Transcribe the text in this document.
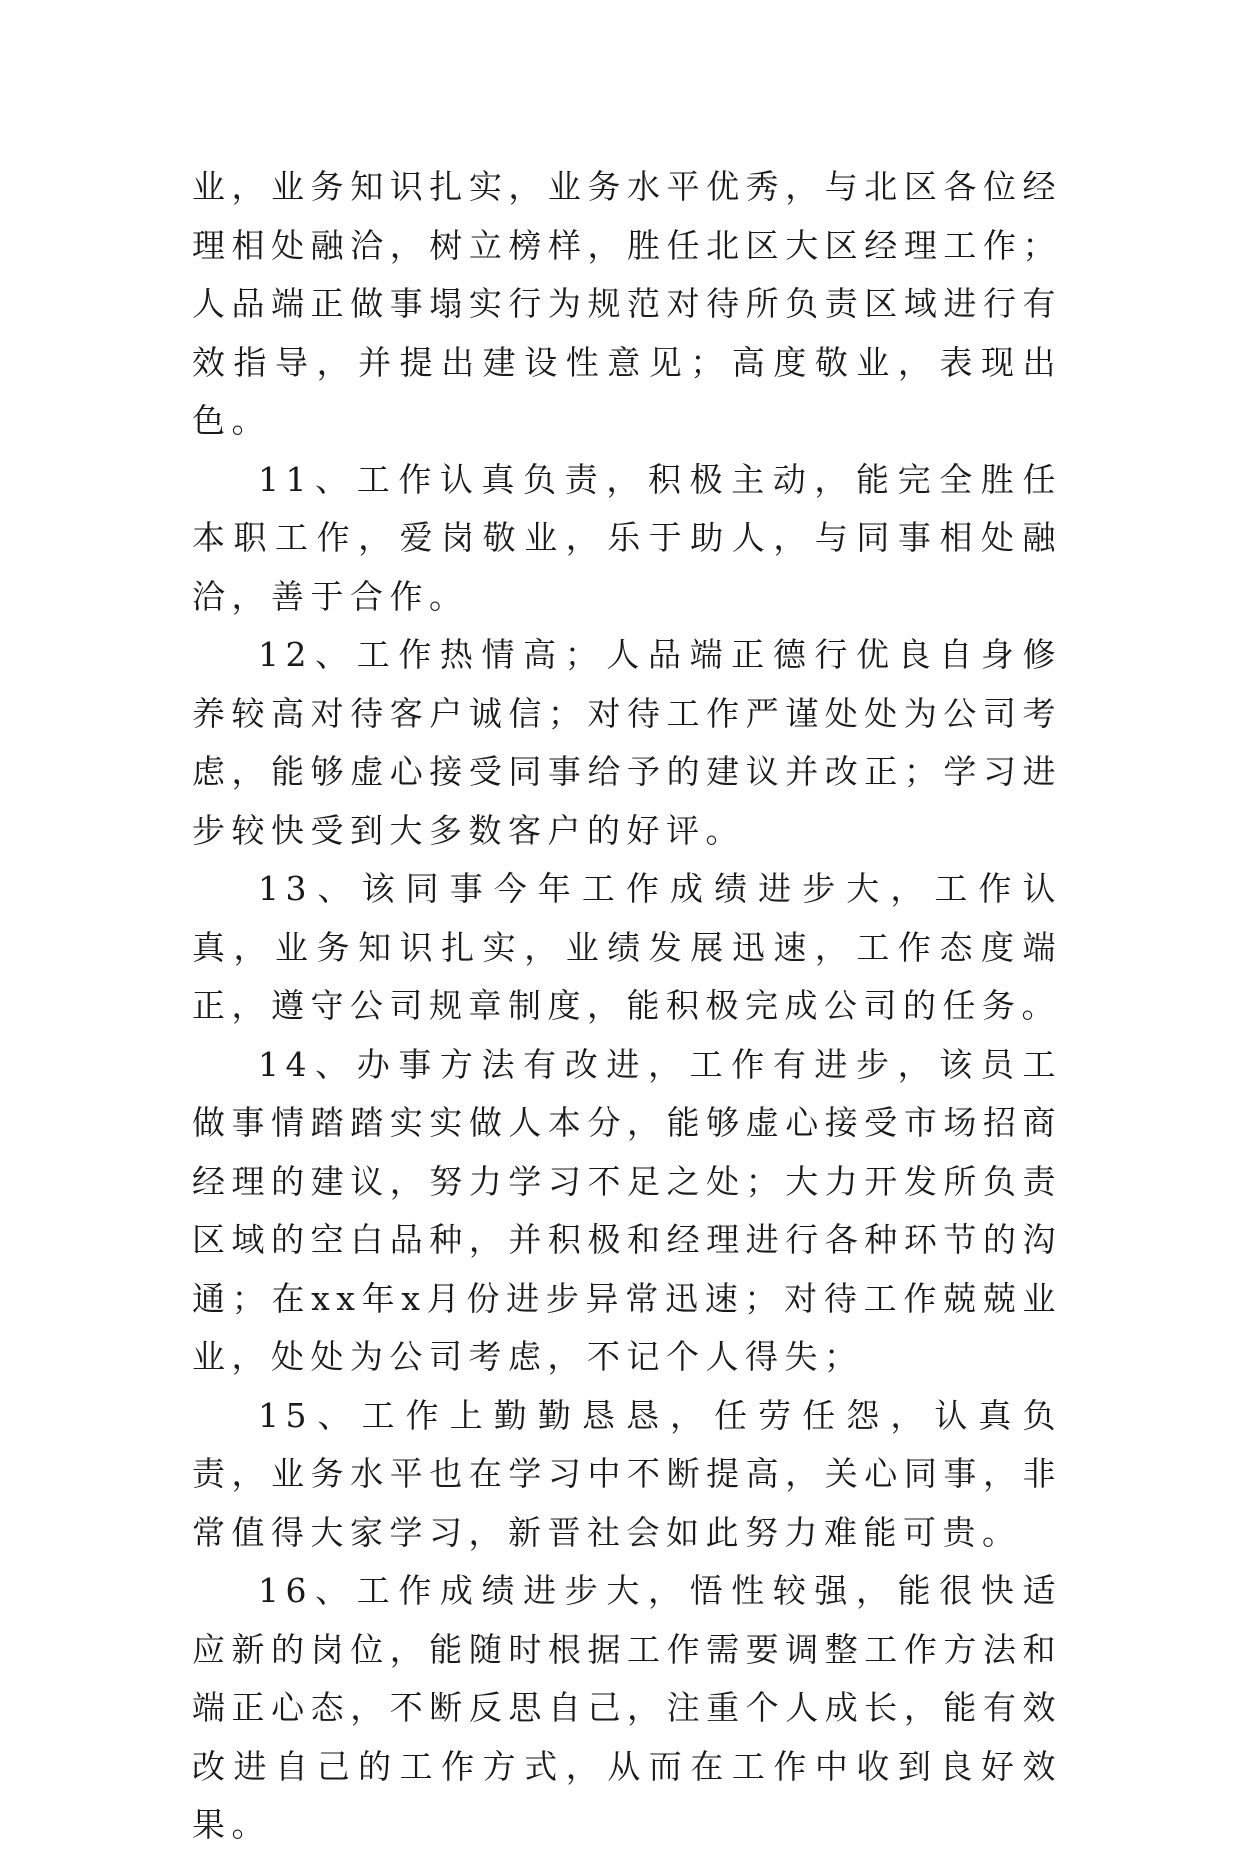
业，业务知识扎实，业务水平优秀，与北区各位经理相处融洽，树立榜样，胜任北区大区经理工作；人品端正做事塌实行为规范对待所负责区域进行有效指导，并提出建设性意见；高度敬业，表现出色。

11、工作认真负责，积极主动，能完全胜任本职工作，爱岗敬业，乐于助人，与同事相处融洽，善于合作。

12、工作热情高；人品端正德行优良自身修养较高对待客户诚信；对待工作严谨处处为公司考虑，能够虚心接受同事给予的建议并改正；学习进步较快受到大多数客户的好评。

13、该同事今年工作成绩进步大，工作认真，业务知识扎实，业绩发展迅速，工作态度端正，遵守公司规章制度，能积极完成公司的任务。

14、办事方法有改进，工作有进步，该员工做事情踏踏实实做人本分，能够虚心接受市场招商经理的建议，努力学习不足之处；大力开发所负责区域的空白品种，并积极和经理进行各种环节的沟通；在xx年x月份进步异常迅速；对待工作兢兢业业，处处为公司考虑，不记个人得失；

15、工作上勤勤恳恳，任劳任怨，认真负责，业务水平也在学习中不断提高，关心同事，非常值得大家学习，新晋社会如此努力难能可贵。

16、工作成绩进步大，悟性较强，能很快适应新的岗位，能随时根据工作需要调整工作方法和端正心态，不断反思自己，注重个人成长，能有效改进自己的工作方式，从而在工作中收到良好效果。
